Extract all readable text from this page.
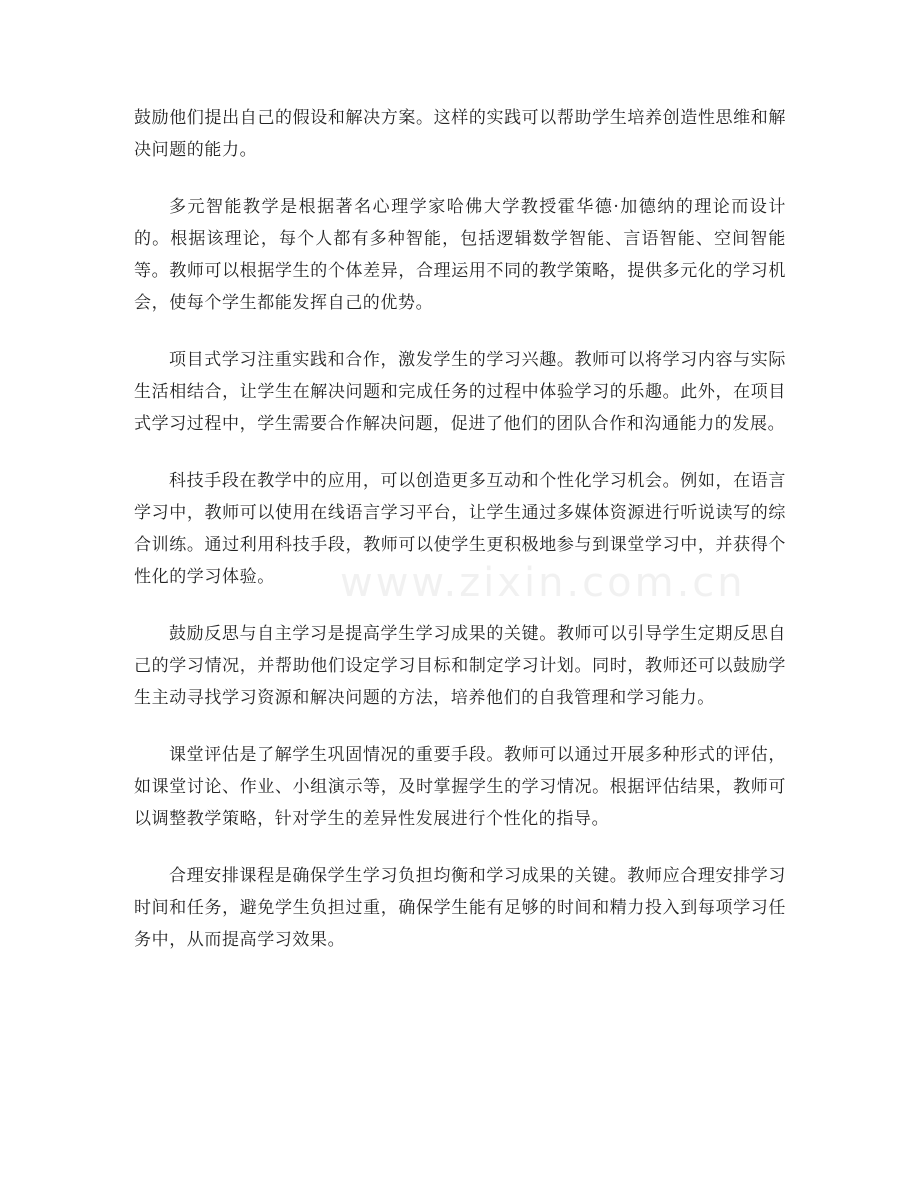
鼓励他们提出自己的假设和解决方案。这样的实践可以帮助学生培养创造性思维和解决问题的能力。

多元智能教学是根据著名心理学家哈佛大学教授霍华德·加德纳的理论而设计的。根据该理论，每个人都有多种智能，包括逻辑数学智能、言语智能、空间智能等。教师可以根据学生的个体差异，合理运用不同的教学策略，提供多元化的学习机会，使每个学生都能发挥自己的优势。

项目式学习注重实践和合作，激发学生的学习兴趣。教师可以将学习内容与实际生活相结合，让学生在解决问题和完成任务的过程中体验学习的乐趣。此外，在项目式学习过程中，学生需要合作解决问题，促进了他们的团队合作和沟通能力的发展。

科技手段在教学中的应用，可以创造更多互动和个性化学习机会。例如，在语言学习中，教师可以使用在线语言学习平台，让学生通过多媒体资源进行听说读写的综合训练。通过利用科技手段，教师可以使学生更积极地参与到课堂学习中，并获得个性化的学习体验。

鼓励反思与自主学习是提高学生学习成果的关键。教师可以引导学生定期反思自己的学习情况，并帮助他们设定学习目标和制定学习计划。同时，教师还可以鼓励学生主动寻找学习资源和解决问题的方法，培养他们的自我管理和学习能力。

课堂评估是了解学生巩固情况的重要手段。教师可以通过开展多种形式的评估，如课堂讨论、作业、小组演示等，及时掌握学生的学习情况。根据评估结果，教师可以调整教学策略，针对学生的差异性发展进行个性化的指导。

合理安排课程是确保学生学习负担均衡和学习成果的关键。教师应合理安排学习时间和任务，避免学生负担过重，确保学生能有足够的时间和精力投入到每项学习任务中，从而提高学习效果。

www.zixin.com.cn
